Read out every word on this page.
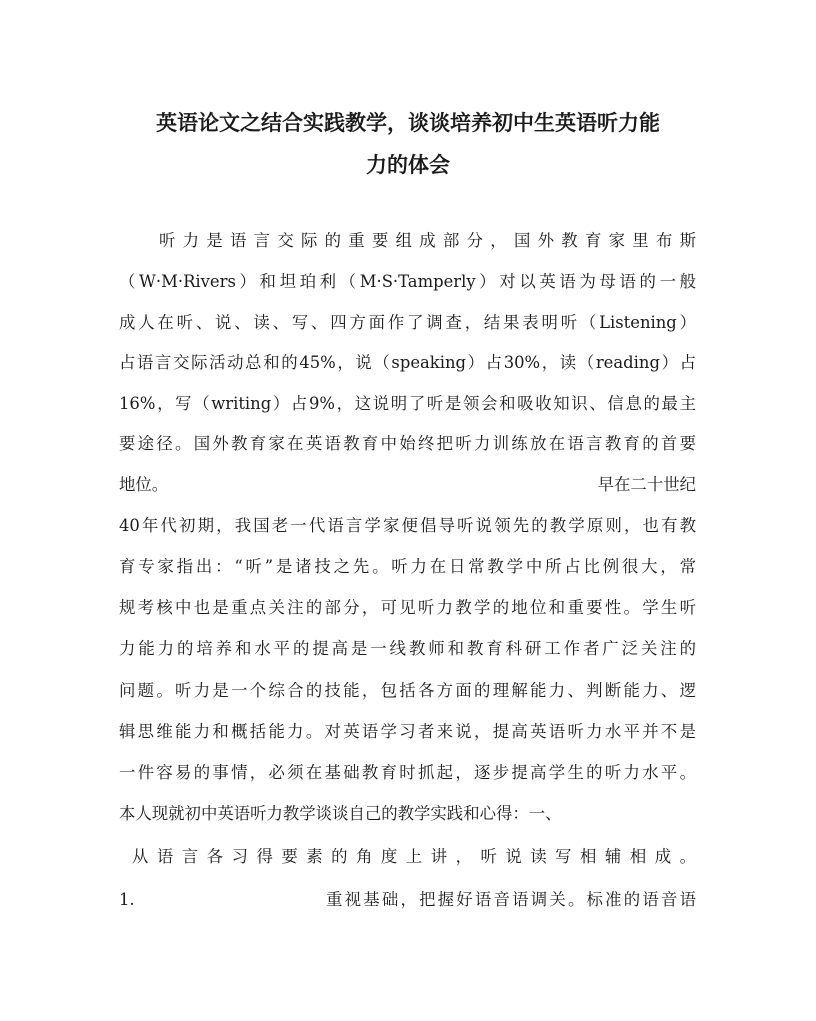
英语论文之结合实践教学，谈谈培养初中生英语听力能
力的体会
听力是语言交际的重要组成部分，国外教育家里布斯
（W·M·Rivers）和坦珀利（M·S·Tamperly）对以英语为母语的一般
成人在听、说、读、写、四方面作了调查，结果表明听（Listening）
占语言交际活动总和的45%，说（speaking）占30%，读（reading）占
16%，写（writing）占9%，这说明了听是领会和吸收知识、信息的最主
要途径。国外教育家在英语教育中始终把听力训练放在语言教育的首要
地位。	早在二十世纪
40年代初期，我国老一代语言学家便倡导听说领先的教学原则，也有教
育专家指出：“听”是诸技之先。听力在日常教学中所占比例很大，常
规考核中也是重点关注的部分，可见听力教学的地位和重要性。学生听
力能力的培养和水平的提高是一线教师和教育科研工作者广泛关注的
问题。听力是一个综合的技能，包括各方面的理解能力、判断能力、逻
辑思维能力和概括能力。对英语学习者来说，提高英语听力水平并不是
一件容易的事情，必须在基础教育时抓起，逐步提高学生的听力水平。
本人现就初中英语听力教学谈谈自己的教学实践和心得：一、
从语言各习得要素的角度上讲，听说读写相辅相成。
1.	重视基础，把握好语音语调关。标准的语音语
